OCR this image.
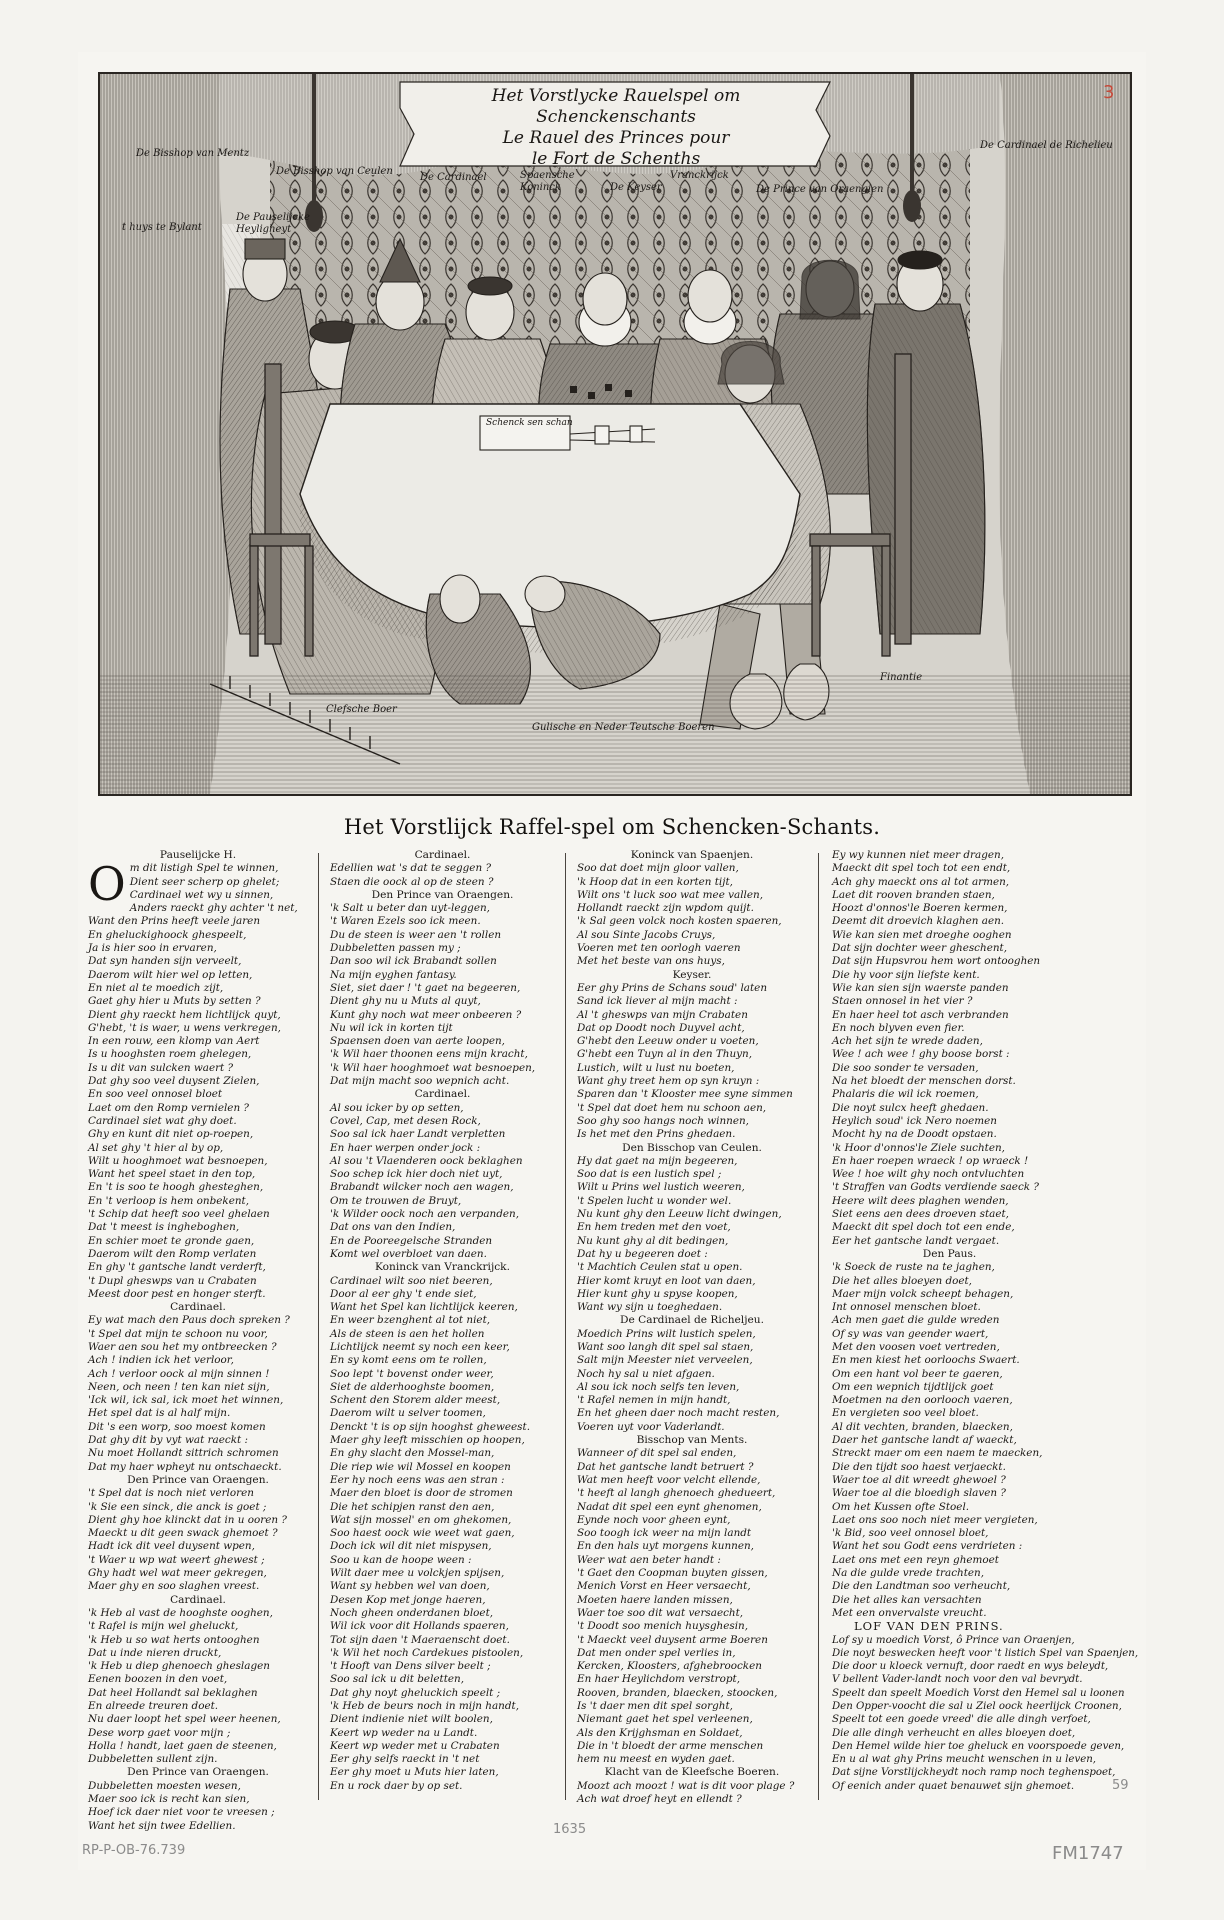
Het Vorstlycke Rauelspel om
Schenckenschants
Le Rauel des Princes pour
le Fort de Schenths
De Bisshop van Mentz
De Bisshop van Ceulen
De Pauselijcke
Heyligheyt
t huys te Bylant
De Cardinael	Spaensche
Koninck
Vranckrijck
De Keyser	De Prince van Oraengien
De Cardinael de Richelieu
Schenck sen schan
Clefsche Boer
Gulische en Neder Teutsche Boeren
Finantie
3
Het Vorstlijck Raffel-spel om Schencken-Schants.
Pauselijcke H.
Om dit listigh Spel te winnen,
Dient seer scherp op ghelet;
Cardinael wet wy u sinnen,
Anders raeckt ghy achter 't net,
Want den Prins heeft veele jaren
En gheluckighoock ghespeelt,
Ja is hier soo in ervaren,
Dat syn handen sijn verveelt,
Daerom wilt hier wel op letten,
En niet al te moedich zijt,
Gaet ghy hier u Muts by setten ?
Dient ghy raeckt hem lichtlijck quyt,
G'hebt, 't is waer, u wens verkregen,
In een rouw, een klomp van Aert
Is u hooghsten roem ghelegen,
Is u dit van sulcken waert ?
Dat ghy soo veel duysent Zielen,
En soo veel onnosel bloet
Laet om den Romp vernielen ?
Cardinael siet wat ghy doet.
Ghy en kunt dit niet op-roepen,
Al set ghy 't hier al by op,
Wilt u hooghmoet wat besnoepen,
Want het speel staet in den top,
En 't is soo te hoogh ghesteghen,
En 't verloop is hem onbekent,
't Schip dat heeft soo veel ghelaen
Dat 't meest is ingheboghen,
En schier moet te gronde gaen,
Daerom wilt den Romp verlaten
En ghy 't gantsche landt verderft,
't Dupl gheswps van u Crabaten
Meest door pest en honger sterft.
Cardinael.
Ey wat mach den Paus doch spreken ?
't Spel dat mijn te schoon nu voor,
Waer aen sou het my ontbreecken ?
Ach ! indien ick het verloor,
Ach ! verloor oock al mijn sinnen !
Neen, och neen ! ten kan niet sijn,
'Ick wil, ick sal, ick moet het winnen,
Het spel dat is al half mijn.
Dit 's een worp, soo moest komen
Dat ghy dit by vyt wat raeckt :
Nu moet Hollandt sittrich schromen
Dat my haer wpheyt nu ontschaeckt.
Den Prince van Oraengen.
't Spel dat is noch niet verloren
'k Sie een sinck, die anck is goet ;
Dient ghy hoe klinckt dat in u ooren ?
Maeckt u dit geen swack ghemoet ?
Hadt ick dit veel duysent wpen,
't Waer u wp wat weert ghewest ;
Ghy hadt wel wat meer gekregen,
Maer ghy en soo slaghen vreest.
Cardinael.
'k Heb al vast de hooghste ooghen,
't Rafel is mijn wel gheluckt,
'k Heb u so wat herts ontooghen
Dat u inde nieren druckt,
'k Heb u diep ghenoech gheslagen
Eenen boozen in den voet,
Dat heel Hollandt sal beklaghen
En alreede treuren doet.
Nu daer loopt het spel weer heenen,
Dese worp gaet voor mijn ;
Holla ! handt, laet gaen de steenen,
Dubbeletten sullent zijn.
Den Prince van Oraengen.
Dubbeletten moesten wesen,
Maer soo ick is recht kan sien,
Hoef ick daer niet voor te vreesen ;
Want het sijn twee Edellien.
Cardinael.
Edellien wat 's dat te seggen ?
Staen die oock al op de steen ?
Den Prince van Oraengen.
'k Salt u beter dan uyt-leggen,
't Waren Ezels soo ick meen.
Du de steen is weer aen 't rollen
Dubbeletten passen my ;
Dan soo wil ick Brabandt sollen
Na mijn eyghen fantasy.
Siet, siet daer ! 't gaet na begeeren,
Dient ghy nu u Muts al quyt,
Kunt ghy noch wat meer onbeeren ?
Nu wil ick in korten tijt
Spaensen doen van aerte loopen,
'k Wil haer thoonen eens mijn kracht,
'k Wil haer hooghmoet wat besnoepen,
Dat mijn macht soo wepnich acht.
Cardinael.
Al sou icker by op setten,
Covel, Cap, met desen Rock,
Soo sal ick haer Landt verpletten
En haer werpen onder jock :
Al sou 't Vlaenderen oock beklaghen
Soo schep ick hier doch niet uyt,
Brabandt wilcker noch aen wagen,
Om te trouwen de Bruyt,
'k Wilder oock noch aen verpanden,
Dat ons van den Indien,
En de Pooreegelsche Stranden
Komt wel overbloet van daen.
Koninck van Vranckrijck.
Cardinael wilt soo niet beeren,
Door al eer ghy 't ende siet,
Want het Spel kan lichtlijck keeren,
En weer bzenghent al tot niet,
Als de steen is aen het hollen
Lichtlijck neemt sy noch een keer,
En sy komt eens om te rollen,
Soo lept 't bovenst onder weer,
Siet de alderhooghste boomen,
Schent den Storem alder meest,
Daerom wilt u selver toomen,
Denckt 't is op sijn hooghst gheweest.
Maer ghy leeft misschien op hoopen,
En ghy slacht den Mossel-man,
Die riep wie wil Mossel en koopen
Eer hy noch eens was aen stran :
Maer den bloet is door de stromen
Die het schipjen ranst den aen,
Wat sijn mossel' en om ghekomen,
Soo haest oock wie weet wat gaen,
Doch ick wil dit niet mispysen,
Soo u kan de hoope ween :
Wilt daer mee u volckjen spijsen,
Want sy hebben wel van doen,
Desen Kop met jonge haeren,
Noch gheen onderdanen bloet,
Wil ick voor dit Hollands spaeren,
Tot sijn daen 't Maeraenscht doet.
'k Wil het noch Cardekues pistoolen,
't Hooft van Dens silver beelt ;
Soo sal ick u dit beletten,
Dat ghy noyt gheluckich speelt ;
'k Heb de beurs noch in mijn handt,
Dient indienie niet wilt boolen,
Keert wp weder na u Landt.
Keert wp weder met u Crabaten
Eer ghy selfs raeckt in 't net
Eer ghy moet u Muts hier laten,
En u rock daer by op set.
Koninck van Spaenjen.
Soo dat doet mijn gloor vallen,
'k Hoop dat in een korten tijt,
Wilt ons 't luck soo wat mee vallen,
Hollandt raeckt zijn wpdom quijt.
'k Sal geen volck noch kosten spaeren,
Al sou Sinte Jacobs Cruys,
Voeren met ten oorlogh vaeren
Met het beste van ons huys,
Keyser.
Eer ghy Prins de Schans soud' laten
Sand ick liever al mijn macht :
Al 't gheswps van mijn Crabaten
Dat op Doodt noch Duyvel acht,
G'hebt den Leeuw onder u voeten,
G'hebt een Tuyn al in den Thuyn,
Lustich, wilt u lust nu boeten,
Want ghy treet hem op syn kruyn :
Sparen dan 't Klooster mee syne simmen
't Spel dat doet hem nu schoon aen,
Soo ghy soo hangs noch winnen,
Is het met den Prins ghedaen.
Den Bisschop van Ceulen.
Hy dat gaet na mijn begeeren,
Soo dat is een lustich spel ;
Wilt u Prins wel lustich weeren,
't Spelen lucht u wonder wel.
Nu kunt ghy den Leeuw licht dwingen,
En hem treden met den voet,
Nu kunt ghy al dit bedingen,
Dat hy u begeeren doet :
't Machtich Ceulen stat u open.
Hier komt kruyt en loot van daen,
Hier kunt ghy u spyse koopen,
Want wy sijn u toeghedaen.
De Cardinael de Richeljeu.
Moedich Prins wilt lustich spelen,
Want soo langh dit spel sal staen,
Salt mijn Meester niet verveelen,
Noch hy sal u niet afgaen.
Al sou ick noch selfs ten leven,
't Rafel nemen in mijn handt,
En het gheen daer noch macht resten,
Voeren uyt voor Vaderlandt.
Bisschop van Ments.
Wanneer of dit spel sal enden,
Dat het gantsche landt betruert ?
Wat men heeft voor velcht ellende,
't heeft al langh ghenoech ghedueert,
Nadat dit spel een eynt ghenomen,
Eynde noch voor gheen eynt,
Soo toogh ick weer na mijn landt
En den hals uyt morgens kunnen,
Weer wat aen beter handt :
't Gaet den Coopman buyten gissen,
Menich Vorst en Heer versaecht,
Moeten haere landen missen,
Waer toe soo dit wat versaecht,
't Doodt soo menich huysghesin,
't Maeckt veel duysent arme Boeren
Dat men onder spel verlies in,
Kercken, Kloosters, afghebroocken
En haer Heylichdom verstropt,
Rooven, branden, blaecken, stoocken,
Is 't daer men dit spel sorght,
Niemant gaet het spel verleenen,
Als den Krijghsman en Soldaet,
Die in 't bloedt der arme menschen
hem nu meest en wyden gaet.
Klacht van de Kleefsche Boeren.
Moozt ach moozt ! wat is dit voor plage ?
Ach wat droef heyt en ellendt ?
Ey wy kunnen niet meer dragen,
Maeckt dit spel toch tot een endt,
Ach ghy maeckt ons al tot armen,
Laet dit rooven branden staen,
Hoozt d'onnos'le Boeren kermen,
Deemt dit droevich klaghen aen.
Wie kan sien met droeghe ooghen
Dat sijn dochter weer gheschent,
Dat sijn Hupsvrou hem wort ontooghen
Die hy voor sijn liefste kent.
Wie kan sien sijn waerste panden
Staen onnosel in het vier ?
En haer heel tot asch verbranden
En noch blyven even fier.
Ach het sijn te wrede daden,
Wee ! ach wee ! ghy boose borst :
Die soo sonder te versaden,
Na het bloedt der menschen dorst.
Phalaris die wil ick roemen,
Die noyt sulcx heeft ghedaen.
Heylich soud' ick Nero noemen
Mocht hy na de Doodt opstaen.
'k Hoor d'onnos'le Ziele suchten,
En haer roepen wraeck ! op wraeck !
Wee ! hoe wilt ghy noch ontvluchten
't Straffen van Godts verdiende saeck ?
Heere wilt dees plaghen wenden,
Siet eens aen dees droeven staet,
Maeckt dit spel doch tot een ende,
Eer het gantsche landt vergaet.
Den Paus.
'k Soeck de ruste na te jaghen,
Die het alles bloeyen doet,
Maer mijn volck scheept behagen,
Int onnosel menschen bloet.
Ach men gaet die gulde wreden
Of sy was van geender waert,
Met den voosen voet vertreden,
En men kiest het oorloochs Swaert.
Om een hant vol beer te gaeren,
Om een wepnich tijdtlijck goet
Moetmen na den oorlooch vaeren,
En vergieten soo veel bloet.
Al dit vechten, branden, blaecken,
Daer het gantsche landt af waeckt,
Streckt maer om een naem te maecken,
Die den tijdt soo haest verjaeckt.
Waer toe al dit wreedt ghewoel ?
Waer toe al die bloedigh slaven ?
Om het Kussen ofte Stoel.
Laet ons soo noch niet meer vergieten,
'k Bid, soo veel onnosel bloet,
Want het sou Godt eens verdrieten :
Laet ons met een reyn ghemoet
Na die gulde vrede trachten,
Die den Landtman soo verheucht,
Die het alles kan versachten
Met een onvervalste vreucht.
LOF VAN DEN PRINS.
Lof sy u moedich Vorst, ô Prince van Oraenjen,
Die noyt beswecken heeft voor 't listich Spel van Spaenjen,
Die door u kloeck vernuft, door raedt en wys beleydt,
V bellent Vader-landt noch voor den val bevrydt.
Speelt dan speelt Moedich Vorst den Hemel sal u loonen
Den Opper-voocht die sal u Ziel oock heerlijck Croonen,
Speelt tot een goede vreed' die alle dingh verfoet,
Die alle dingh verheucht en alles bloeyen doet,
Den Hemel wilde hier toe gheluck en voorspoede geven,
En u al wat ghy Prins meucht wenschen in u leven,
Dat sijne Vorstlijckheydt noch ramp noch teghenspoet,
Of eenich ander quaet benauwet sijn ghemoet.
RP-P-OB-76.739
1635
FM1747
59
